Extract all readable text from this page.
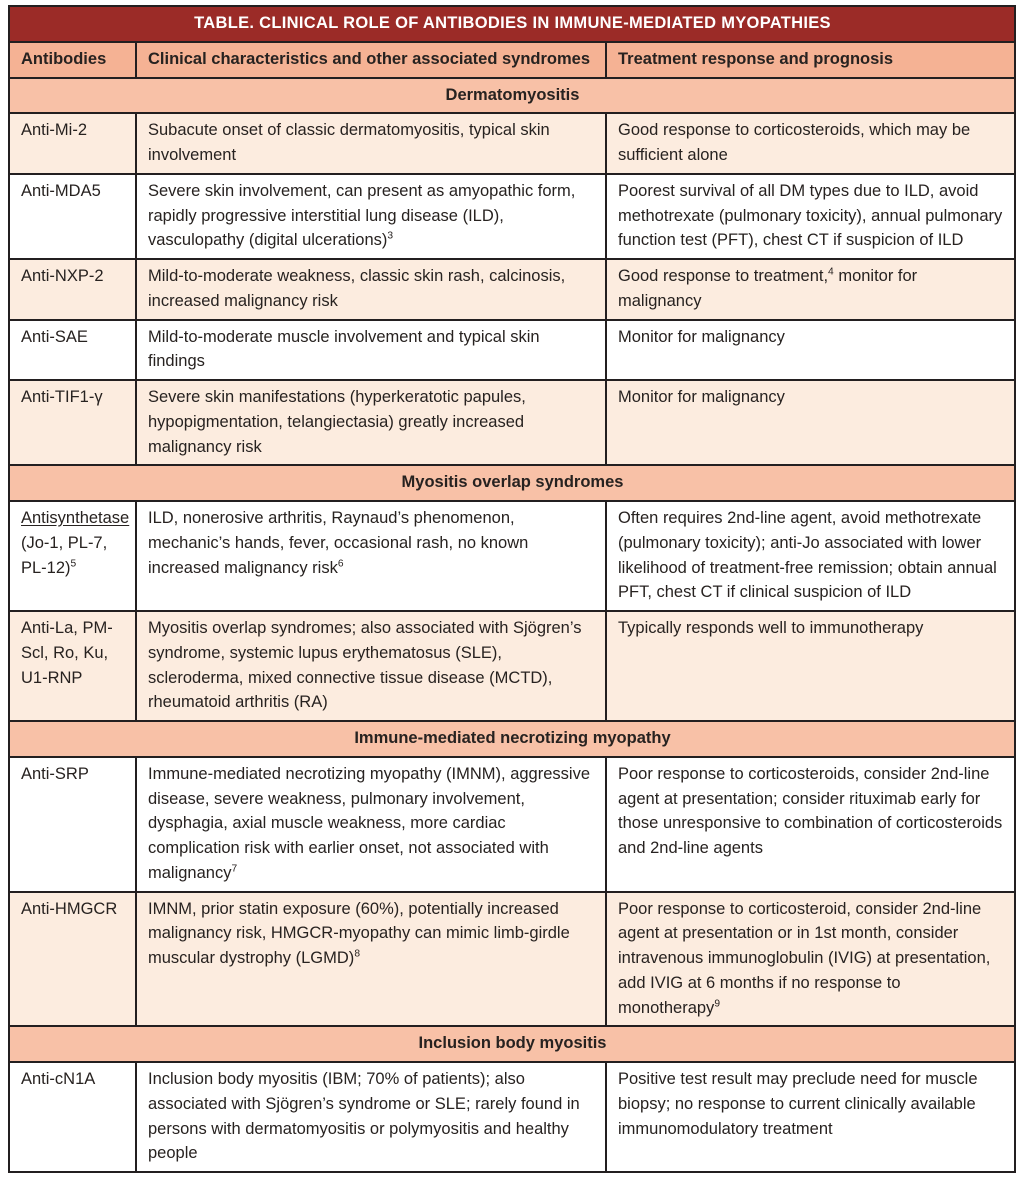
TABLE. CLINICAL ROLE OF ANTIBODIES IN IMMUNE-MEDIATED MYOPATHIES		
Antibodies	Clinical characteristics and other associated syndromes	Treatment response and prognosis
Dermatomyositis		
Anti-Mi-2	Subacute onset of classic dermatomyositis, typical skin involvement	Good response to corticosteroids, which may be sufficient alone
Anti-MDA5	Severe skin involvement, can present as amyopathic form, rapidly progressive interstitial lung disease (ILD), vasculopathy (digital ulcerations)$^3$	Poorest survival of all DM types due to ILD, avoid methotrexate (pulmonary toxicity), annual pulmonary function test (PFT), chest CT if suspicion of ILD
Anti-NXP-2	Mild-to-moderate weakness, classic skin rash, calcinosis, increased malignancy risk	Good response to treatment,$^4$ monitor for malignancy
Anti-SAE	Mild-to-moderate muscle involvement and typical skin findings	Monitor for malignancy
Anti-TIF1-γ	Severe skin manifestations (hyperkeratotic papules, hypopigmentation, telangiectasia) greatly increased malignancy risk	Monitor for malignancy
Myositis overlap syndromes		
Antisynthetase (Jo-1, PL-7, PL-12)$^5$	ILD, nonerosive arthritis, Raynaud’s phenomenon, mechanic’s hands, fever, occasional rash, no known increased malignancy risk$^6$	Often requires 2nd-line agent, avoid methotrexate (pulmonary toxicity); anti-Jo associated with lower likelihood of treatment-free remission; obtain annual PFT, chest CT if clinical suspicion of ILD
Anti-La, PM-Scl, Ro, Ku, U1-RNP	Myositis overlap syndromes; also associated with Sjögren’s syndrome, systemic lupus erythematosus (SLE), scleroderma, mixed connective tissue disease (MCTD), rheumatoid arthritis (RA)	Typically responds well to immunotherapy
Immune-mediated necrotizing myopathy		
Anti-SRP	Immune-mediated necrotizing myopathy (IMNM), aggressive disease, severe weakness, pulmonary involvement, dysphagia, axial muscle weakness, more cardiac complication risk with earlier onset, not associated with malignancy$^7$	Poor response to corticosteroids, consider 2nd-line agent at presentation; consider rituximab early for those unresponsive to combination of corticosteroids and 2nd-line agents
Anti-HMGCR	IMNM, prior statin exposure (60%), potentially increased malignancy risk, HMGCR-myopathy can mimic limb-girdle muscular dystrophy (LGMD)$^8$	Poor response to corticosteroid, consider 2nd-line agent at presentation or in 1st month, consider intravenous immunoglobulin (IVIG) at presentation, add IVIG at 6 months if no response to monotherapy$^9$
Inclusion body myositis		
Anti-cN1A	Inclusion body myositis (IBM; 70% of patients); also associated with Sjögren’s syndrome or SLE; rarely found in persons with dermatomyositis or polymyositis and healthy people	Positive test result may preclude need for muscle biopsy; no response to current clinically available immunomodulatory treatment
